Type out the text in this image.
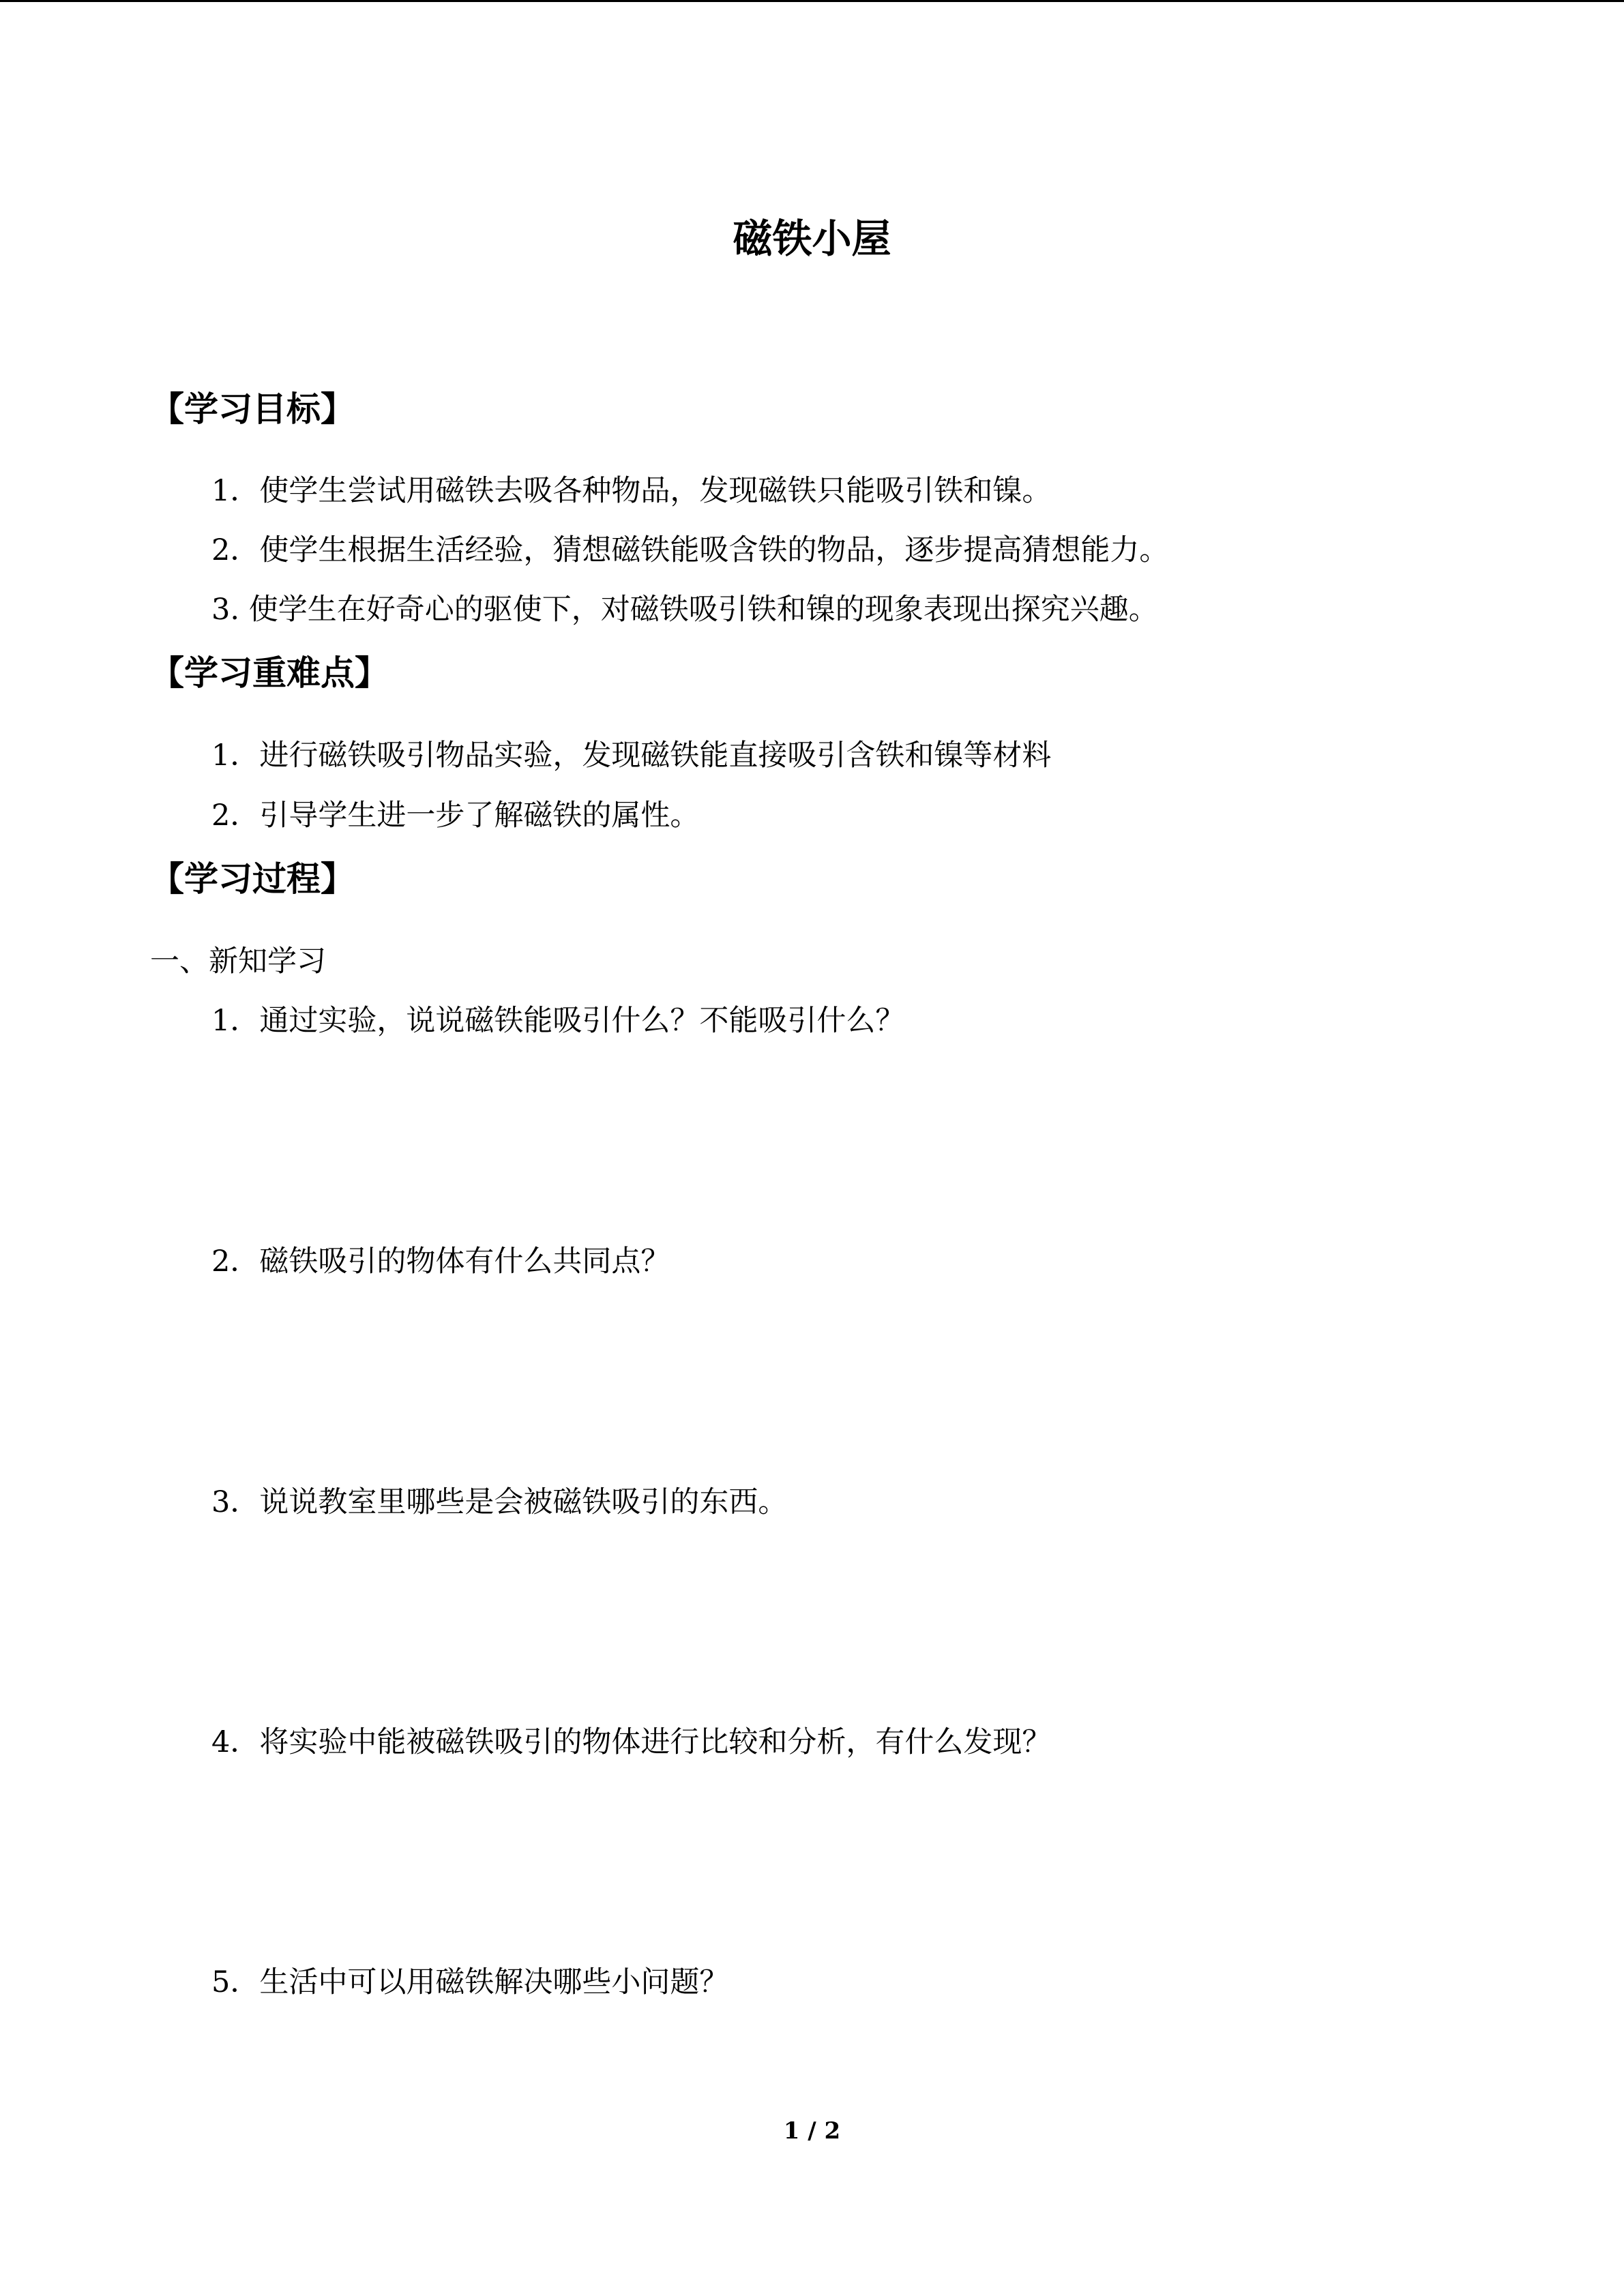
磁铁小屋
【学习目标】
1．使学生尝试用磁铁去吸各种物品，发现磁铁只能吸引铁和镍。
2．使学生根据生活经验，猜想磁铁能吸含铁的物品，逐步提高猜想能力。
3. 使学生在好奇心的驱使下，对磁铁吸引铁和镍的现象表现出探究兴趣。
【学习重难点】
1．进行磁铁吸引物品实验，发现磁铁能直接吸引含铁和镍等材料
2．引导学生进一步了解磁铁的属性。
【学习过程】
一、新知学习
1．通过实验，说说磁铁能吸引什么？不能吸引什么？
2．磁铁吸引的物体有什么共同点？
3．说说教室里哪些是会被磁铁吸引的东西。
4．将实验中能被磁铁吸引的物体进行比较和分析，有什么发现？
5．生活中可以用磁铁解决哪些小问题？
1 / 2
